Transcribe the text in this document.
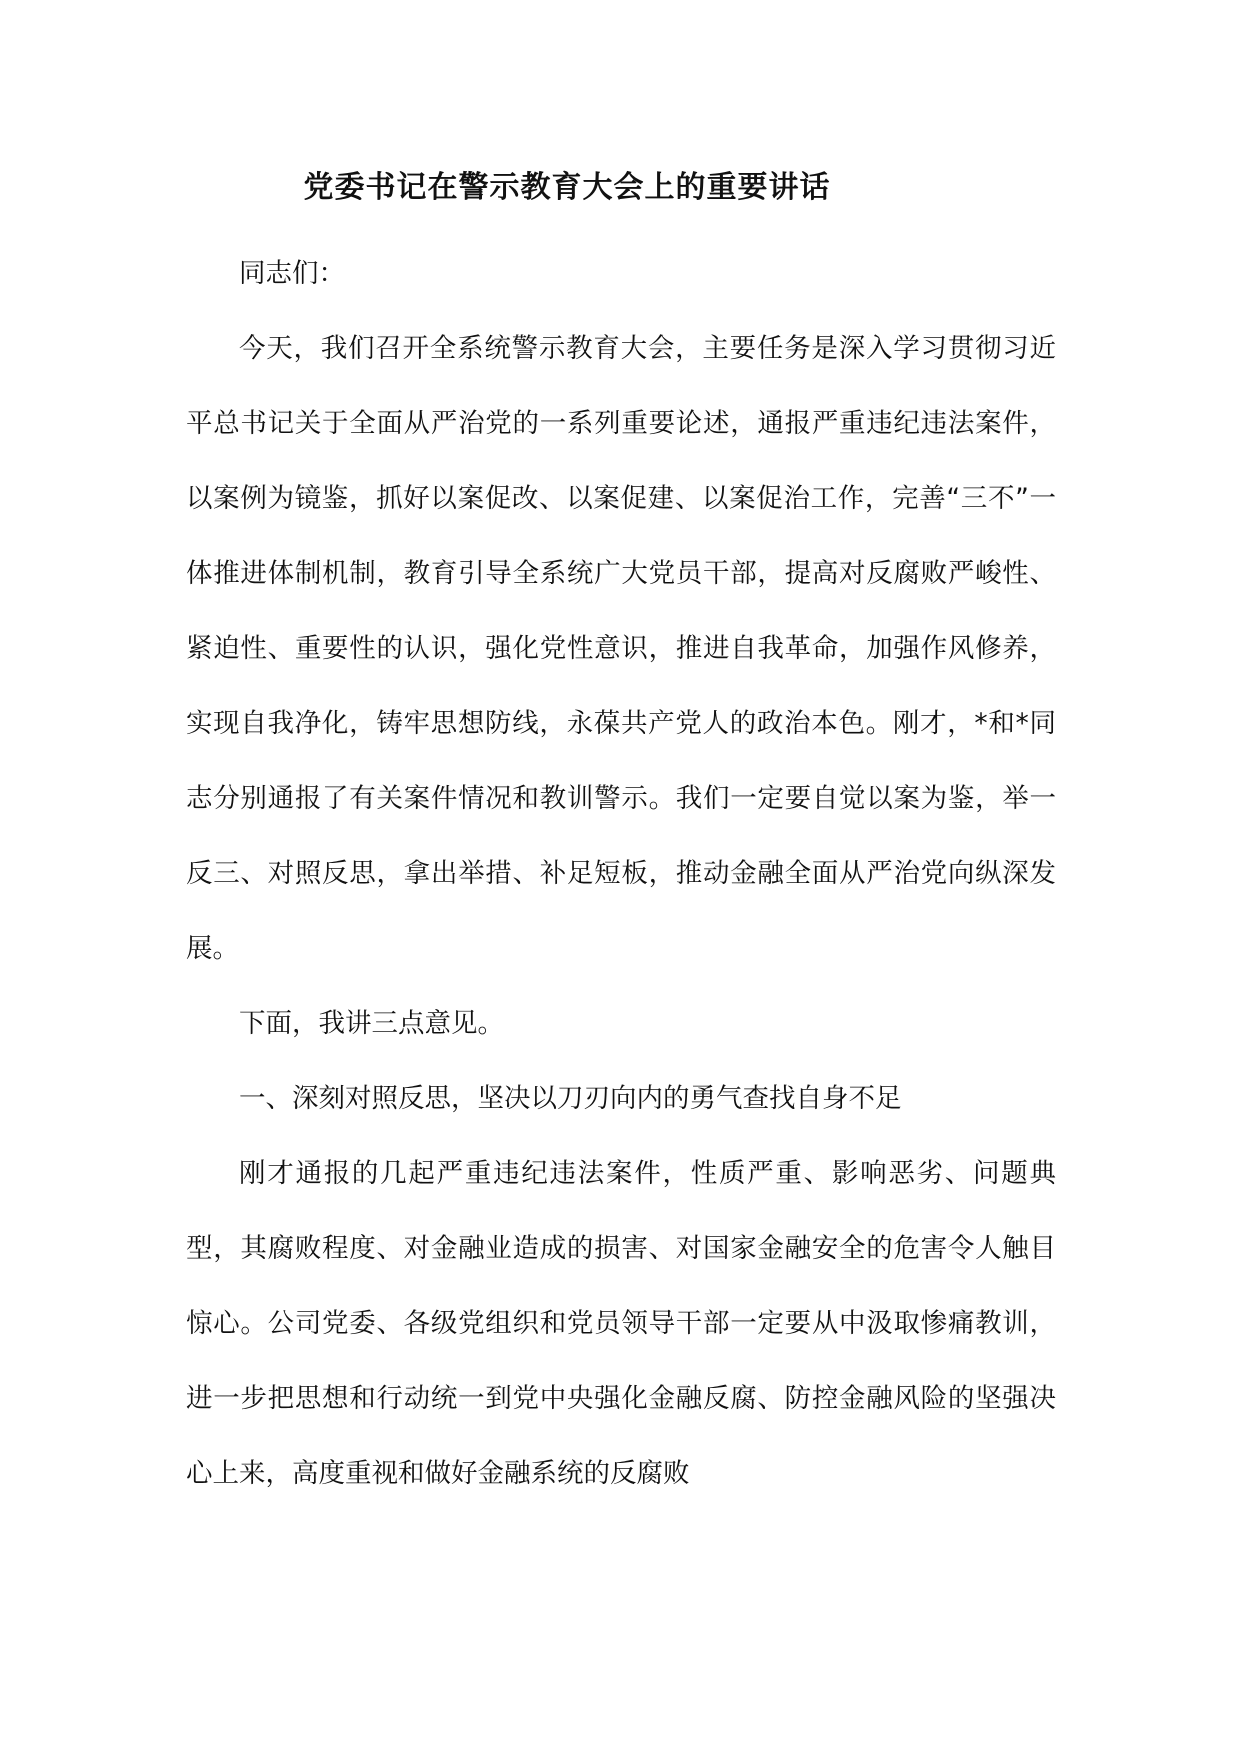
党委书记在警示教育大会上的重要讲话

同志们：

今天，我们召开全系统警示教育大会，主要任务是深入学习贯彻习近平总书记关于全面从严治党的一系列重要论述，通报严重违纪违法案件，以案例为镜鉴，抓好以案促改、以案促建、以案促治工作，完善“三不”一体推进体制机制，教育引导全系统广大党员干部，提高对反腐败严峻性、紧迫性、重要性的认识，强化党性意识，推进自我革命，加强作风修养，实现自我净化，铸牢思想防线，永葆共产党人的政治本色。刚才，*和*同志分别通报了有关案件情况和教训警示。我们一定要自觉以案为鉴，举一反三、对照反思，拿出举措、补足短板，推动金融全面从严治党向纵深发展。

下面，我讲三点意见。

一、深刻对照反思，坚决以刀刃向内的勇气查找自身不足

刚才通报的几起严重违纪违法案件，性质严重、影响恶劣、问题典型，其腐败程度、对金融业造成的损害、对国家金融安全的危害令人触目惊心。公司党委、各级党组织和党员领导干部一定要从中汲取惨痛教训，进一步把思想和行动统一到党中央强化金融反腐、防控金融风险的坚强决心上来，高度重视和做好金融系统的反腐败
